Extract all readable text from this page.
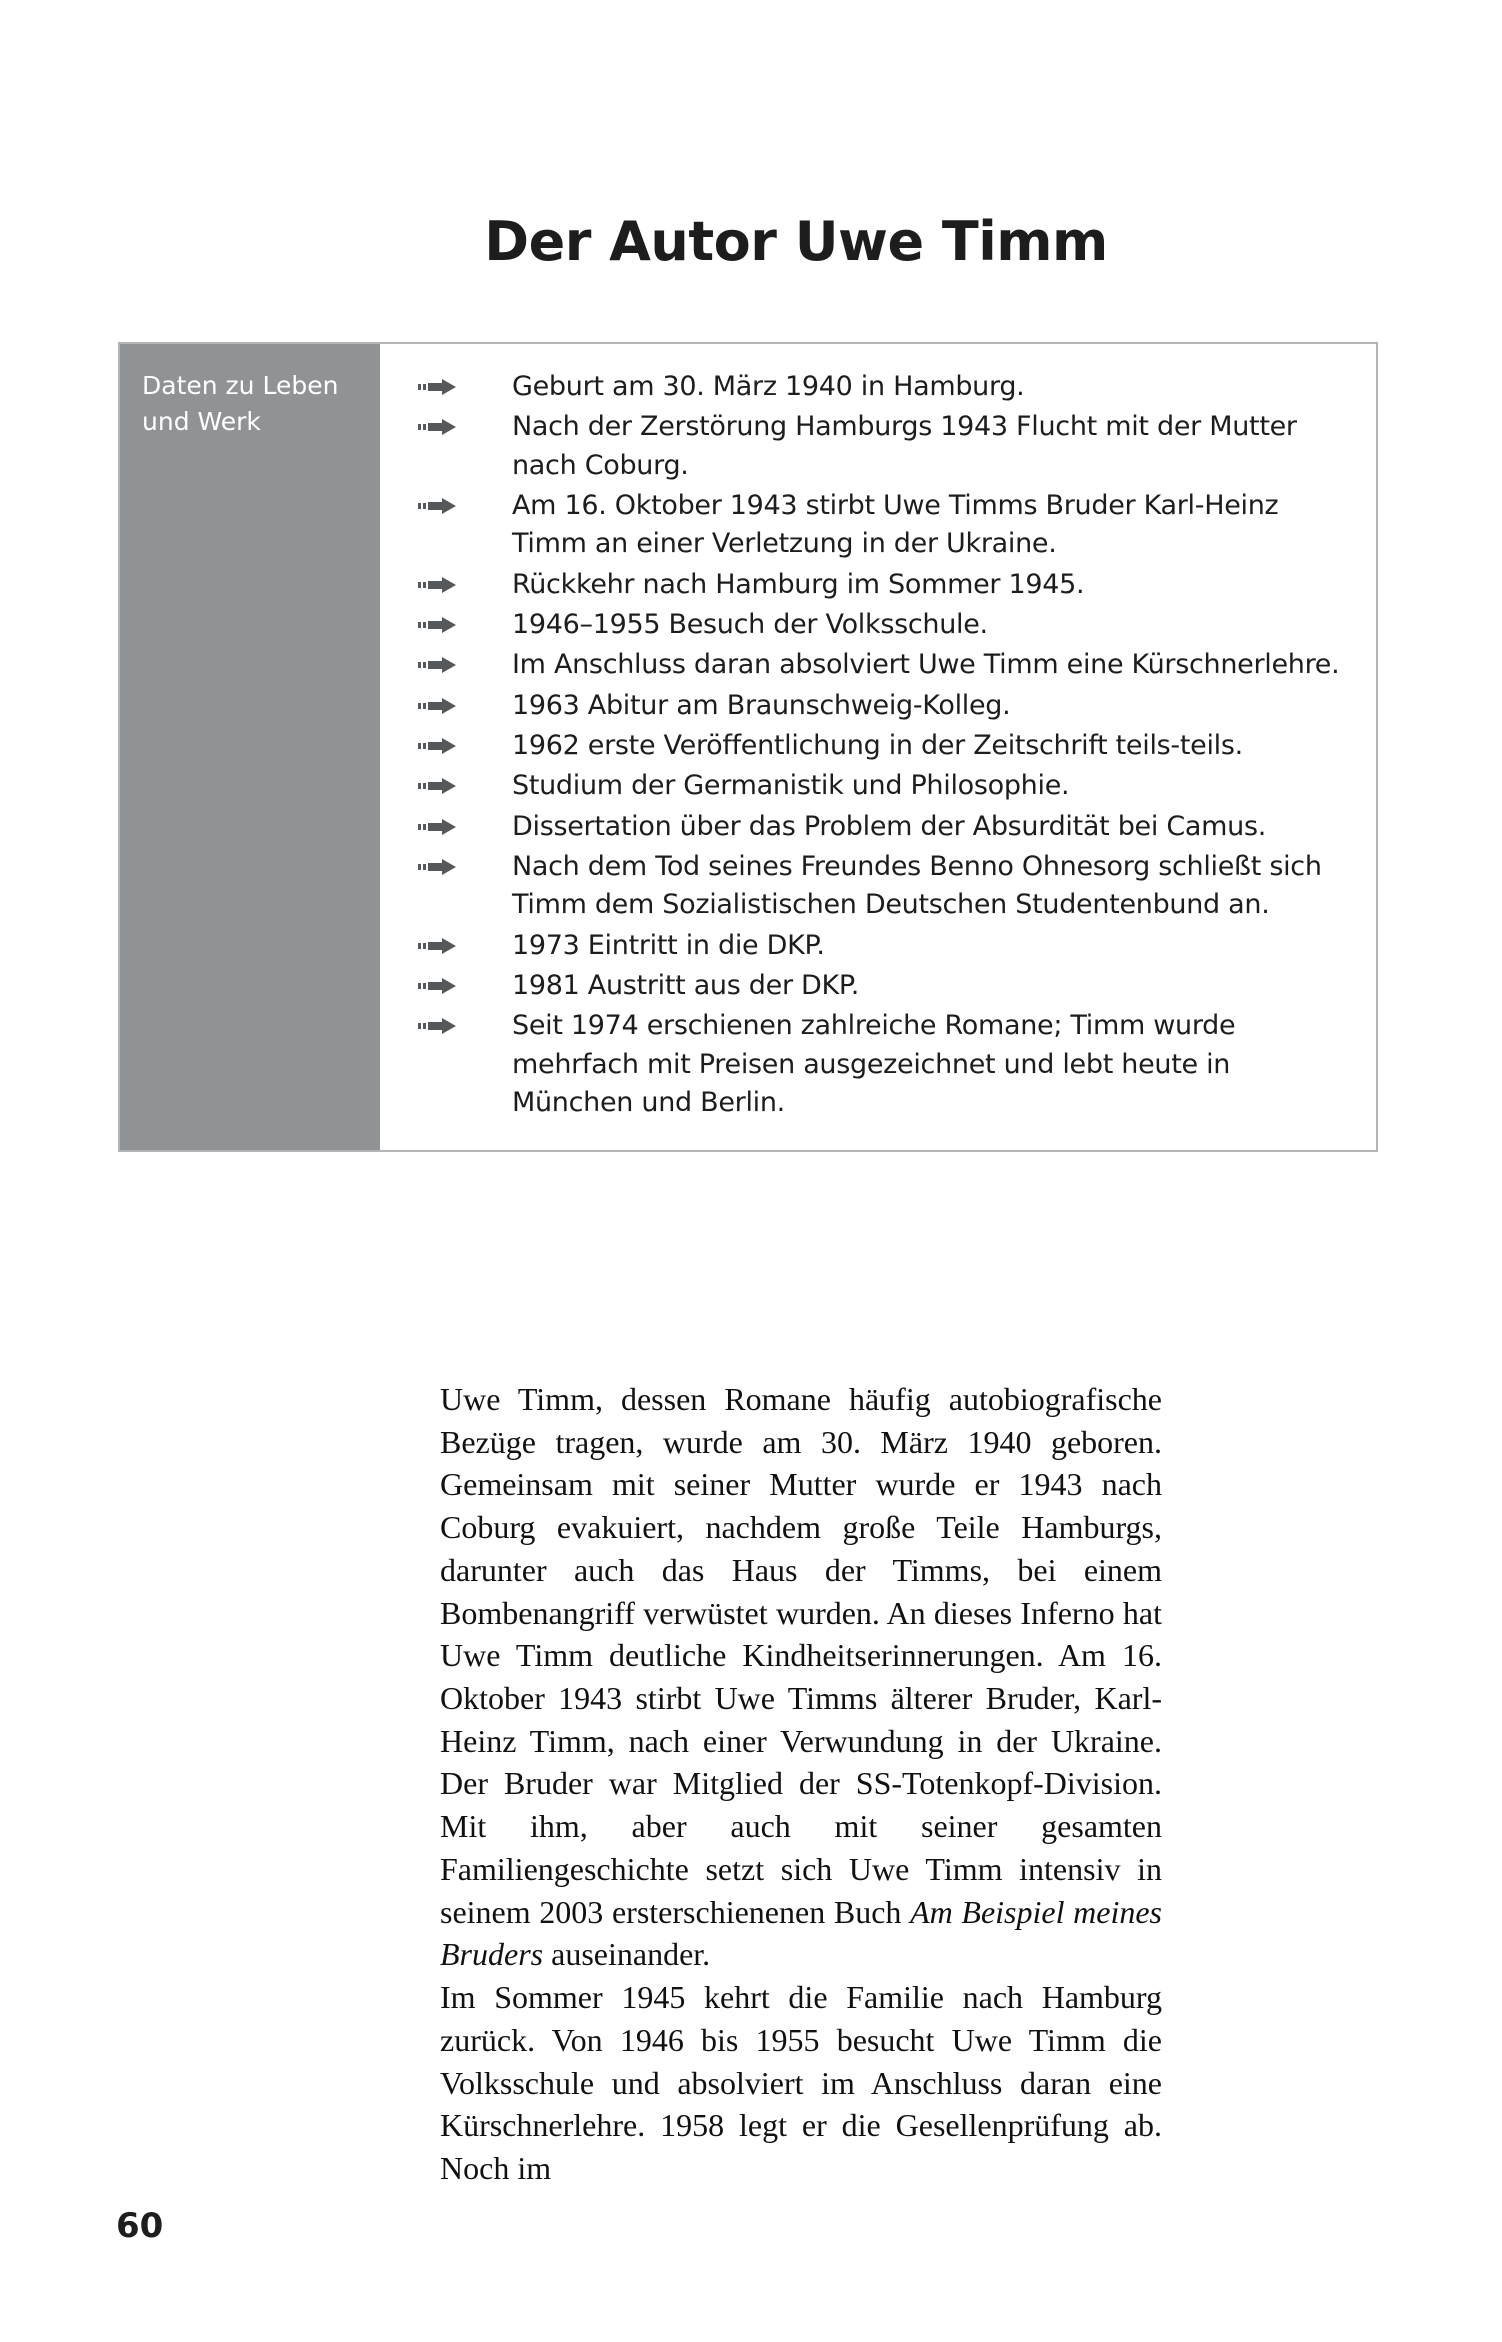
Der Autor Uwe Timm
Daten zu Leben und Werk
Geburt am 30. März 1940 in Hamburg.
Nach der Zerstörung Hamburgs 1943 Flucht mit der Mutter nach Coburg.
Am 16. Oktober 1943 stirbt Uwe Timms Bruder Karl-Heinz Timm an einer Verletzung in der Ukraine.
Rückkehr nach Hamburg im Sommer 1945.
1946–1955 Besuch der Volksschule.
Im Anschluss daran absolviert Uwe Timm eine Kürschnerlehre.
1963 Abitur am Braunschweig-Kolleg.
1962 erste Veröffentlichung in der Zeitschrift teils-teils.
Studium der Germanistik und Philosophie.
Dissertation über das Problem der Absurdität bei Camus.
Nach dem Tod seines Freundes Benno Ohnesorg schließt sich Timm dem Sozialistischen Deutschen Studentenbund an.
1973 Eintritt in die DKP.
1981 Austritt aus der DKP.
Seit 1974 erschienen zahlreiche Romane; Timm wurde mehrfach mit Preisen ausgezeichnet und lebt heute in München und Berlin.

Uwe Timm, dessen Romane häufig autobiografische Bezüge tragen, wurde am 30. März 1940 geboren. Gemeinsam mit seiner Mutter wurde er 1943 nach Coburg evakuiert, nachdem große Teile Hamburgs, darunter auch das Haus der Timms, bei einem Bombenangriff verwüstet wurden. An dieses Inferno hat Uwe Timm deutliche Kindheitserinnerungen. Am 16. Oktober 1943 stirbt Uwe Timms älterer Bruder, Karl-Heinz Timm, nach einer Verwundung in der Ukraine. Der Bruder war Mitglied der SS-Totenkopf-Division. Mit ihm, aber auch mit seiner gesamten Familiengeschichte setzt sich Uwe Timm intensiv in seinem 2003 ersterschienenen Buch Am Beispiel meines Bruders auseinander.

Im Sommer 1945 kehrt die Familie nach Hamburg zurück. Von 1946 bis 1955 besucht Uwe Timm die Volksschule und absolviert im Anschluss daran eine Kürschnerlehre. 1958 legt er die Gesellenprüfung ab. Noch im

60
